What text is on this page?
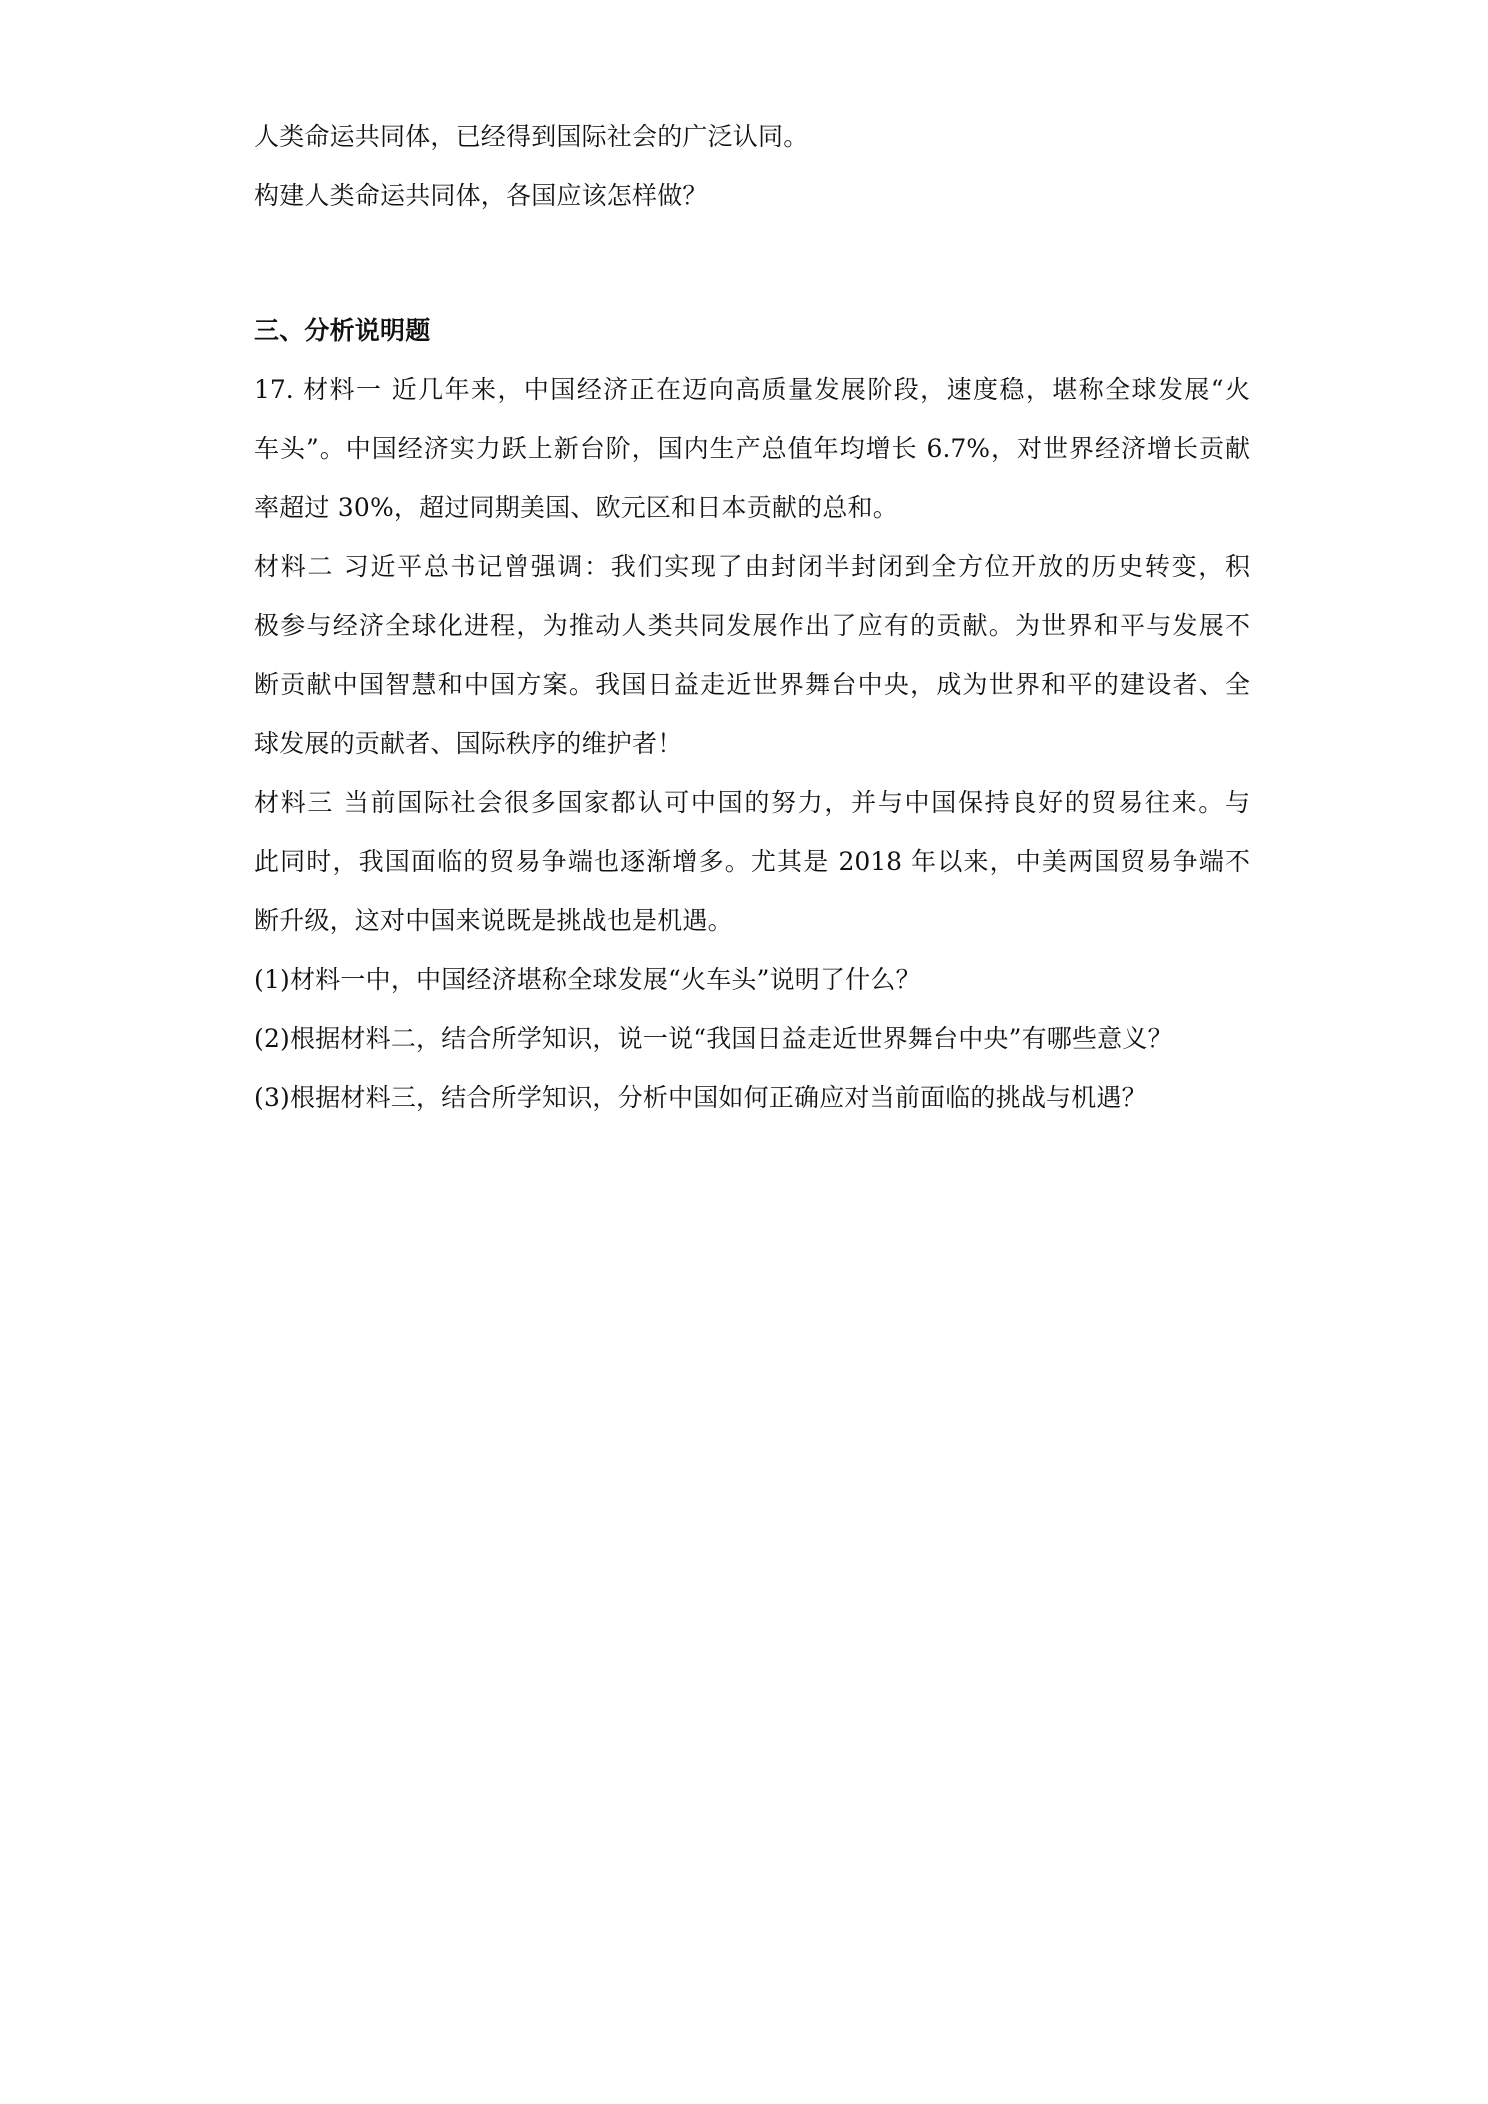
人类命运共同体，已经得到国际社会的广泛认同。

构建人类命运共同体，各国应该怎样做？

三、分析说明题

17. 材料一 近几年来，中国经济正在迈向高质量发展阶段，速度稳，堪称全球发展“火

车头”。中国经济实力跃上新台阶，国内生产总值年均增长 6.7%，对世界经济增长贡献

率超过 30%，超过同期美国、欧元区和日本贡献的总和。

材料二 习近平总书记曾强调：我们实现了由封闭半封闭到全方位开放的历史转变，积

极参与经济全球化进程，为推动人类共同发展作出了应有的贡献。为世界和平与发展不

断贡献中国智慧和中国方案。我国日益走近世界舞台中央，成为世界和平的建设者、全

球发展的贡献者、国际秩序的维护者！

材料三 当前国际社会很多国家都认可中国的努力，并与中国保持良好的贸易往来。与

此同时，我国面临的贸易争端也逐渐增多。尤其是 2018 年以来，中美两国贸易争端不

断升级，这对中国来说既是挑战也是机遇。

(1)材料一中，中国经济堪称全球发展“火车头”说明了什么？

(2)根据材料二，结合所学知识，说一说“我国日益走近世界舞台中央”有哪些意义？

(3)根据材料三，结合所学知识，分析中国如何正确应对当前面临的挑战与机遇？
